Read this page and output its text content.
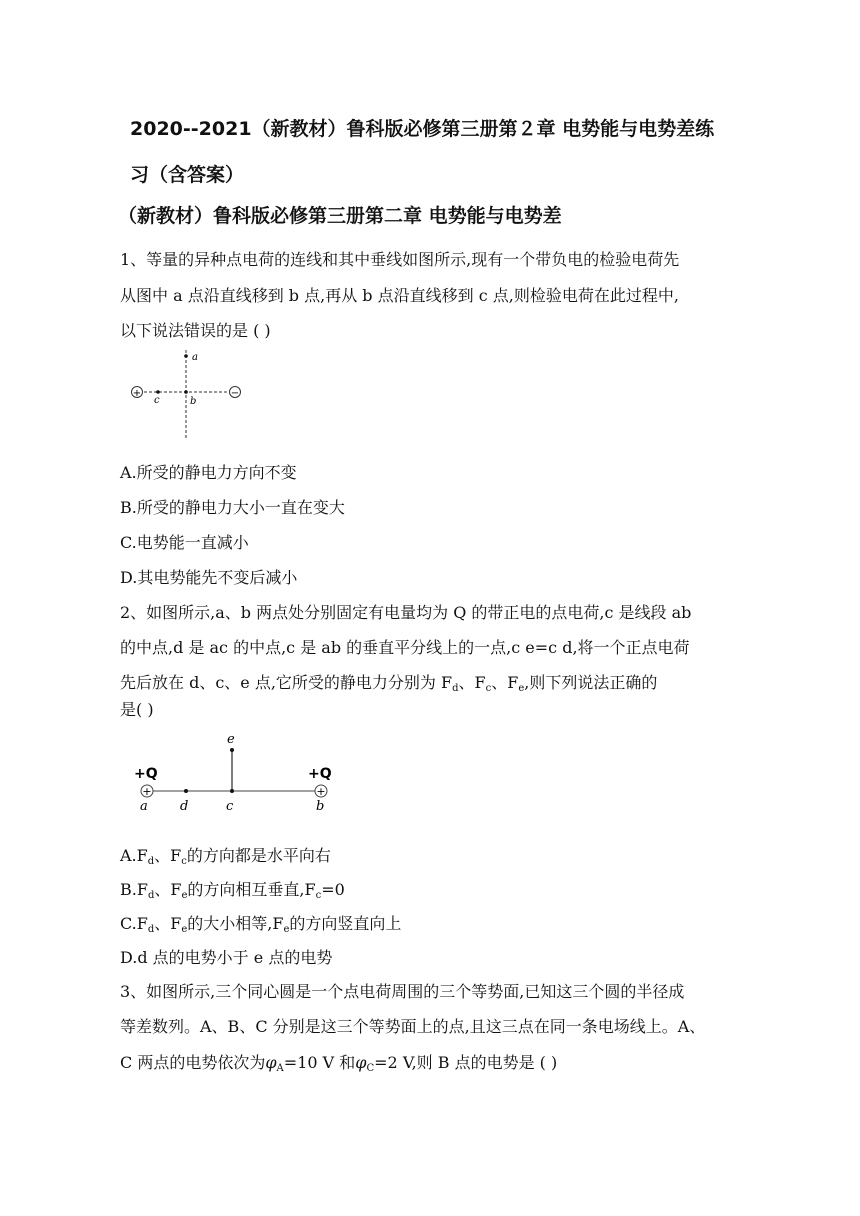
2020--2021（新教材）鲁科版必修第三册第２章 电势能与电势差练
习（含答案）
（新教材）鲁科版必修第三册第二章 电势能与电势差
1、等量的异种点电荷的连线和其中垂线如图所示,现有一个带负电的检验电荷先
从图中 a 点沿直线移到 b 点,再从 b 点沿直线移到 c 点,则检验电荷在此过程中,
以下说法错误的是 ( )
+	−
a
b
c
A.所受的静电力方向不变
B.所受的静电力大小一直在变大
C.电势能一直减小
D.其电势能先不变后减小
2、如图所示,a、b 两点处分别固定有电量均为 Q 的带正电的点电荷,c 是线段 ab
的中点,d 是 ac 的中点,c 是 ab 的垂直平分线上的一点,c e=c d,将一个正点电荷
先后放在 d、c、e 点,它所受的静电力分别为 $F_d$、$F_c$、$F_e$,则下列说法正确的
是( )
+	+
+Q	+Q
a d	c	b
e
$A.F_d$、$F_c$的方向都是水平向右
$B.F_d$、$F_e$的方向相互垂直$,F_c=0$
$C.F_d$、$F_e$的大小相等$,F_e$的方向竖直向上
D.d 点的电势小于 e 点的电势
3、如图所示,三个同心圆是一个点电荷周围的三个等势面,已知这三个圆的半径成
等差数列。A、B、C 分别是这三个等势面上的点,且这三点在同一条电场线上。A、
C 两点的电势依次为$\varphi_A=10$ V 和$\varphi_C=2$ V,则 B 点的电势是 ( )
